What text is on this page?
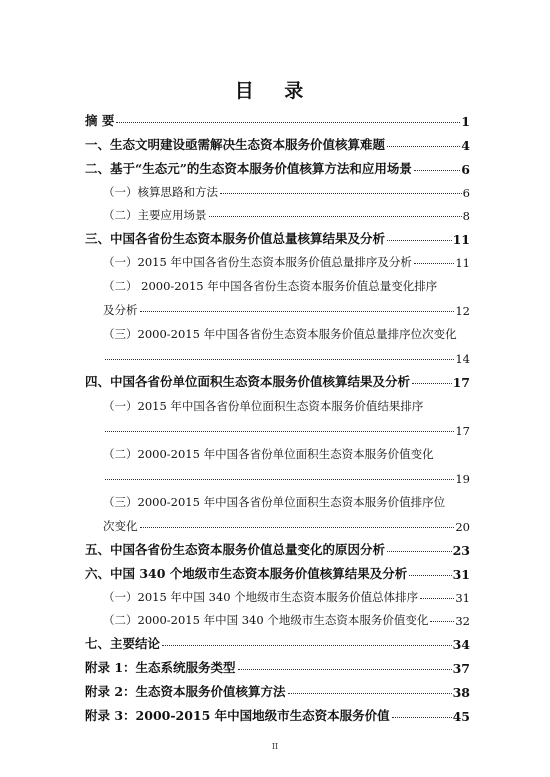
目 录
摘 要	1
一、生态文明建设亟需解决生态资本服务价值核算难题	4
二、基于“生态元”的生态资本服务价值核算方法和应用场景	6
（一）核算思路和方法	6
（二）主要应用场景	8
三、中国各省份生态资本服务价值总量核算结果及分析	11
（一）2015 年中国各省份生态资本服务价值总量排序及分析	11
（二） 2000-2015 年中国各省份生态资本服务价值总量变化排序
及分析	12
（三）2000-2015 年中国各省份生态资本服务价值总量排序位次变化
14
四、中国各省份单位面积生态资本服务价值核算结果及分析	17
（一）2015 年中国各省份单位面积生态资本服务价值结果排序
17
（二）2000-2015 年中国各省份单位面积生态资本服务价值变化
19
（三）2000-2015 年中国各省份单位面积生态资本服务价值排序位
次变化	20
五、中国各省份生态资本服务价值总量变化的原因分析	23
六、中国 340 个地级市生态资本服务价值核算结果及分析	31
（一）2015 年中国 340 个地级市生态资本服务价值总体排序	31
（二）2000-2015 年中国 340 个地级市生态资本服务价值变化 32
七、主要结论	34
附录 1：生态系统服务类型	37
附录 2：生态资本服务价值核算方法	38
附录 3：2000-2015 年中国地级市生态资本服务价值	45
II
